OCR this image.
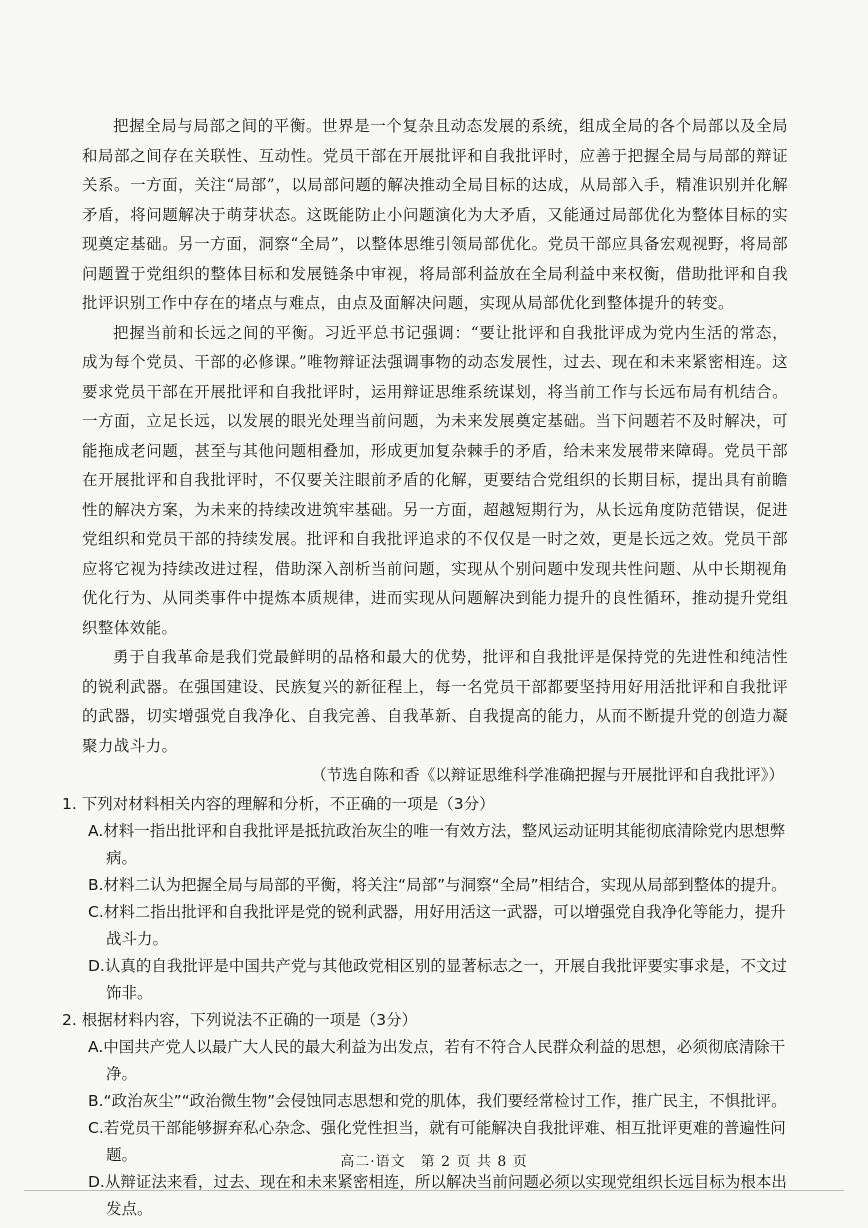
把握全局与局部之间的平衡。世界是一个复杂且动态发展的系统，组成全局的各个局部以及全局和局部之间存在关联性、互动性。党员干部在开展批评和自我批评时，应善于把握全局与局部的辩证关系。一方面，关注“局部”，以局部问题的解决推动全局目标的达成，从局部入手，精准识别并化解矛盾，将问题解决于萌芽状态。这既能防止小问题演化为大矛盾，又能通过局部优化为整体目标的实现奠定基础。另一方面，洞察“全局”，以整体思维引领局部优化。党员干部应具备宏观视野，将局部问题置于党组织的整体目标和发展链条中审视，将局部利益放在全局利益中来权衡，借助批评和自我批评识别工作中存在的堵点与难点，由点及面解决问题，实现从局部优化到整体提升的转变。

把握当前和长远之间的平衡。习近平总书记强调：“要让批评和自我批评成为党内生活的常态，成为每个党员、干部的必修课。”唯物辩证法强调事物的动态发展性，过去、现在和未来紧密相连。这要求党员干部在开展批评和自我批评时，运用辩证思维系统谋划，将当前工作与长远布局有机结合。一方面，立足长远，以发展的眼光处理当前问题，为未来发展奠定基础。当下问题若不及时解决，可能拖成老问题，甚至与其他问题相叠加，形成更加复杂棘手的矛盾，给未来发展带来障碍。党员干部在开展批评和自我批评时，不仅要关注眼前矛盾的化解，更要结合党组织的长期目标，提出具有前瞻性的解决方案，为未来的持续改进筑牢基础。另一方面，超越短期行为，从长远角度防范错误，促进党组织和党员干部的持续发展。批评和自我批评追求的不仅仅是一时之效，更是长远之效。党员干部应将它视为持续改进过程，借助深入剖析当前问题，实现从个别问题中发现共性问题、从中长期视角优化行为、从同类事件中提炼本质规律，进而实现从问题解决到能力提升的良性循环，推动提升党组织整体效能。

勇于自我革命是我们党最鲜明的品格和最大的优势，批评和自我批评是保持党的先进性和纯洁性的锐利武器。在强国建设、民族复兴的新征程上，每一名党员干部都要坚持用好用活批评和自我批评的武器，切实增强党自我净化、自我完善、自我革新、自我提高的能力，从而不断提升党的创造力凝聚力战斗力。

（节选自陈和香《以辩证思维科学准确把握与开展批评和自我批评》）

1. 下列对材料相关内容的理解和分析，不正确的一项是（3分）

A.材料一指出批评和自我批评是抵抗政治灰尘的唯一有效方法，整风运动证明其能彻底清除党内思想弊病。

B.材料二认为把握全局与局部的平衡，将关注“局部”与洞察“全局”相结合，实现从局部到整体的提升。

C.材料二指出批评和自我批评是党的锐利武器，用好用活这一武器，可以增强党自我净化等能力，提升战斗力。

D.认真的自我批评是中国共产党与其他政党相区别的显著标志之一，开展自我批评要实事求是，不文过饰非。

2. 根据材料内容，下列说法不正确的一项是（3分）

A.中国共产党人以最广大人民的最大利益为出发点，若有不符合人民群众利益的思想，必须彻底清除干净。

B.“政治灰尘”“政治微生物”会侵蚀同志思想和党的肌体，我们要经常检讨工作，推广民主，不惧批评。

C.若党员干部能够摒弃私心杂念、强化党性担当，就有可能解决自我批评难、相互批评更难的普遍性问题。

D.从辩证法来看，过去、现在和未来紧密相连，所以解决当前问题必须以实现党组织长远目标为根本出发点。

高二·语文　第 2 页 共 8 页
